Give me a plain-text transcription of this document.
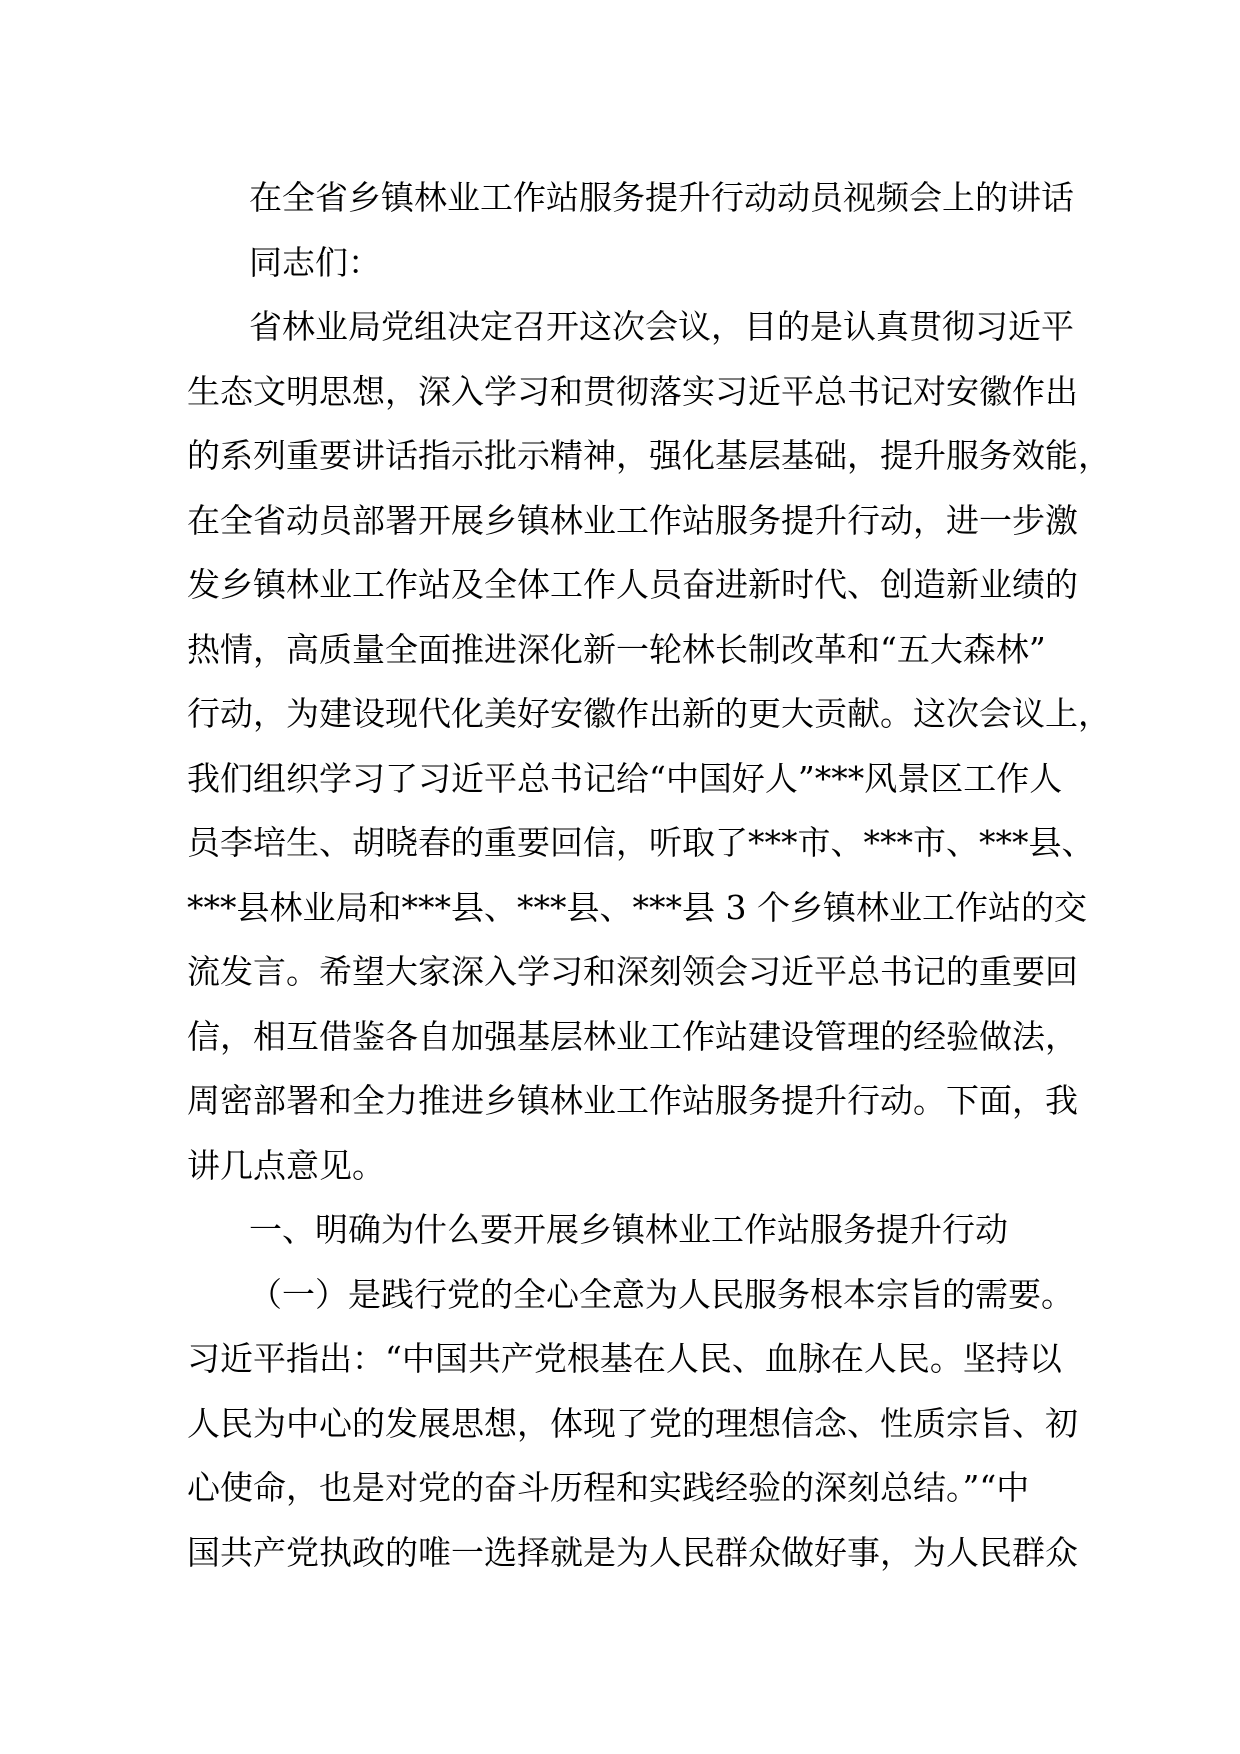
在全省乡镇林业工作站服务提升行动动员视频会上的讲话
同志们：
省林业局党组决定召开这次会议，目的是认真贯彻习近平
生态文明思想，深入学习和贯彻落实习近平总书记对安徽作出
的系列重要讲话指示批示精神，强化基层基础，提升服务效能，
在全省动员部署开展乡镇林业工作站服务提升行动，进一步激
发乡镇林业工作站及全体工作人员奋进新时代、创造新业绩的
热情，高质量全面推进深化新一轮林长制改革和“五大森林”
行动，为建设现代化美好安徽作出新的更大贡献。这次会议上，
我们组织学习了习近平总书记给“中国好人”***风景区工作人
员李培生、胡晓春的重要回信，听取了***市、***市、***县、
***县林业局和***县、***县、***县 3 个乡镇林业工作站的交
流发言。希望大家深入学习和深刻领会习近平总书记的重要回
信，相互借鉴各自加强基层林业工作站建设管理的经验做法，
周密部署和全力推进乡镇林业工作站服务提升行动。下面，我
讲几点意见。
一、明确为什么要开展乡镇林业工作站服务提升行动
（一）是践行党的全心全意为人民服务根本宗旨的需要。
习近平指出：“中国共产党根基在人民、血脉在人民。坚持以
人民为中心的发展思想，体现了党的理想信念、性质宗旨、初
心使命，也是对党的奋斗历程和实践经验的深刻总结。”“中
国共产党执政的唯一选择就是为人民群众做好事，为人民群众
